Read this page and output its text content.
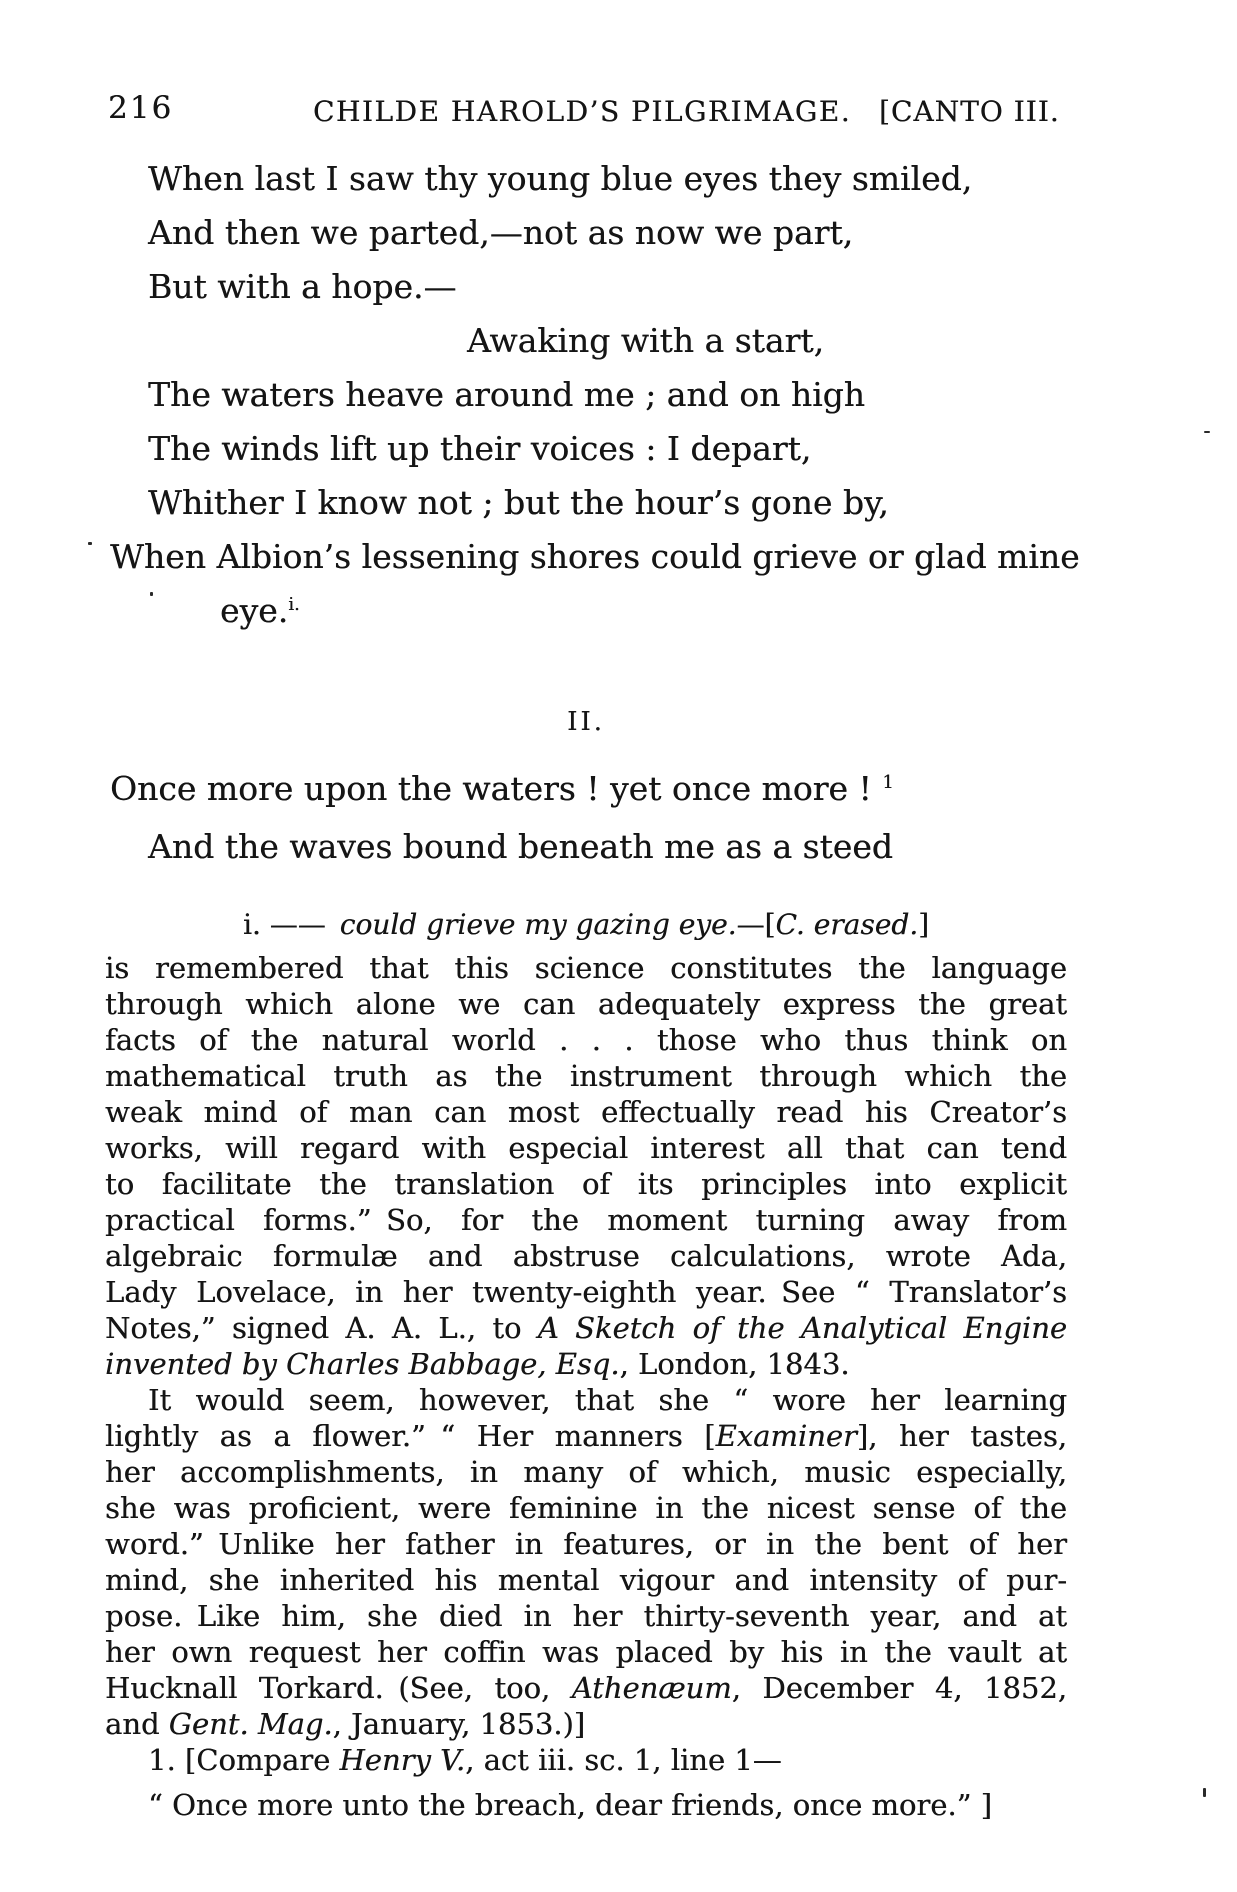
216	CHILDE HAROLD’S PILGRIMAGE. [CANTO III.
When last I saw thy young blue eyes they smiled,
And then we parted,—not as now we part,
But with a hope.—
Awaking with a start,
The waters heave around me ; and on high
The winds lift up their voices : I depart,
Whither I know not ; but the hour’s gone by,
When Albion’s lessening shores could grieve or glad mine
eye.$^{i.}$
II.
Once more upon the waters ! yet once more ! $^1$
And the waves bound beneath me as a steed
i. —— could grieve my gazing eye.—[C. erased.]
is remembered that this science constitutes the language
through which alone we can adequately express the great
facts of the natural world . . . those who thus think on
mathematical truth as the instrument through which the
weak mind of man can most effectually read his Creator’s
works, will regard with especial interest all that can tend
to facilitate the translation of its principles into explicit
practical forms.” So, for the moment turning away from
algebraic formulæ and abstruse calculations, wrote Ada,
Lady Lovelace, in her twenty-eighth year. See “ Translator’s
Notes,” signed A. A. L., to A Sketch of the Analytical Engine
invented by Charles Babbage, Esq., London, 1843.
It would seem, however, that she “ wore her learning
lightly as a flower.” “ Her manners [Examiner], her tastes,
her accomplishments, in many of which, music especially,
she was proficient, were feminine in the nicest sense of the
word.” Unlike her father in features, or in the bent of her
mind, she inherited his mental vigour and intensity of pur-
pose. Like him, she died in her thirty-seventh year, and at
her own request her coffin was placed by his in the vault at
Hucknall Torkard. (See, too, Athenæum, December 4, 1852,
and Gent. Mag., January, 1853.)]
1. [Compare Henry V., act iii. sc. 1, line 1—
“ Once more unto the breach, dear friends, once more.” ]
